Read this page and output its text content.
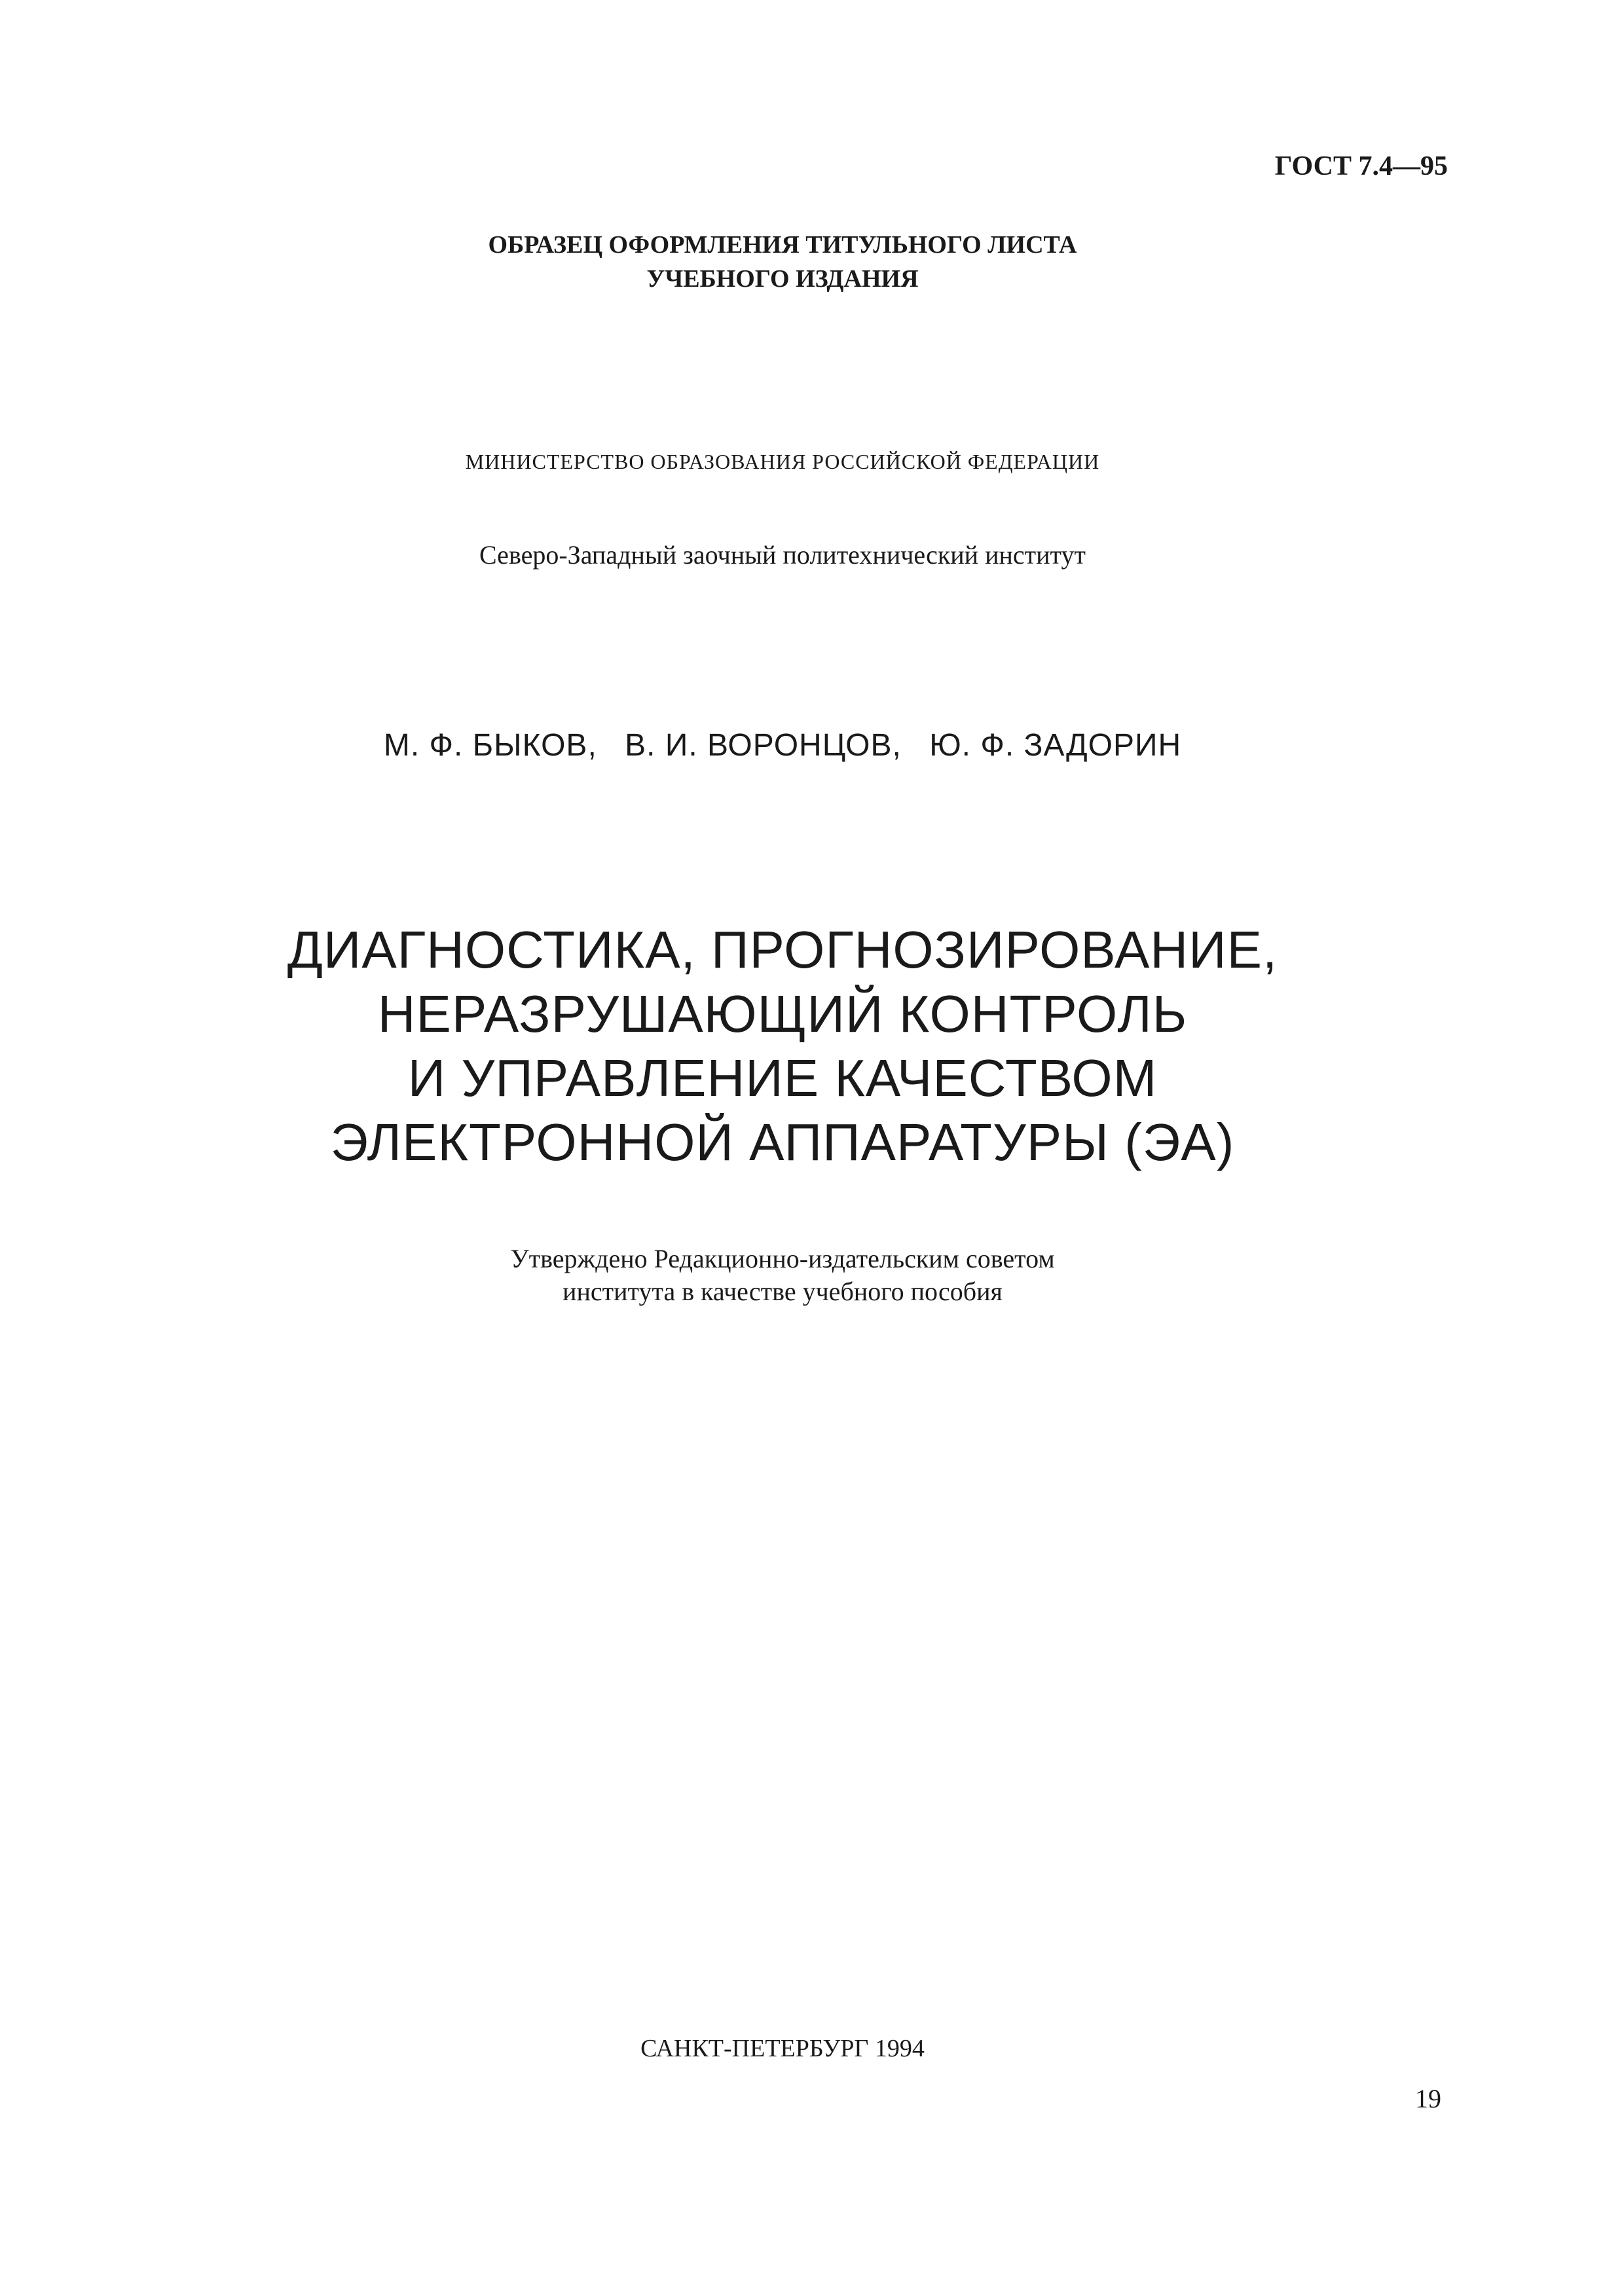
ГОСТ 7.4—95

ОБРАЗЕЦ ОФОРМЛЕНИЯ ТИТУЛЬНОГО ЛИСТА
УЧЕБНОГО ИЗДАНИЯ

МИНИСТЕРСТВО ОБРАЗОВАНИЯ РОССИЙСКОЙ ФЕДЕРАЦИИ

Северо-Западный заочный политехнический институт

М. Ф. БЫКОВ, В. И. ВОРОНЦОВ, Ю. Ф. ЗАДОРИН

ДИАГНОСТИКА, ПРОГНОЗИРОВАНИЕ,
НЕРАЗРУШАЮЩИЙ КОНТРОЛЬ
И УПРАВЛЕНИЕ КАЧЕСТВОМ
ЭЛЕКТРОННОЙ АППАРАТУРЫ (ЭА)
Утверждено Редакционно-издательским советом
института в качестве учебного пособия

САНКТ-ПЕТЕРБУРГ 1994

19
